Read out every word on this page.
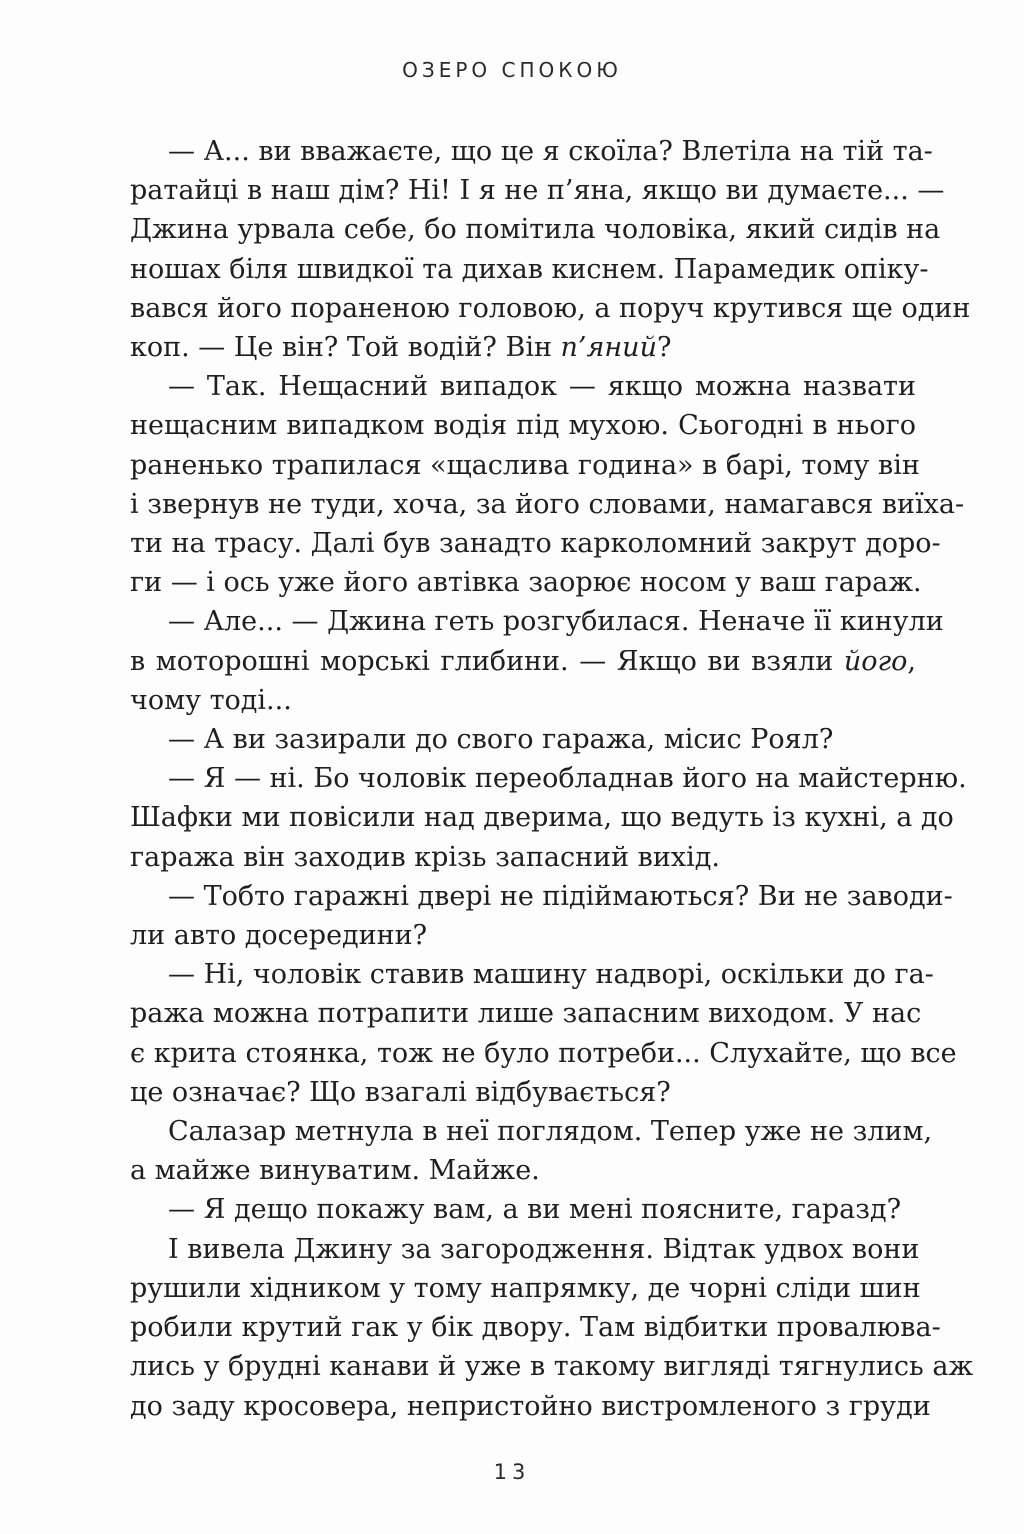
ОЗЕРО СПОКОЮ
— А... ви вважаєте, що це я скоїла? Влетіла на тій та-
ратайці в наш дім? Ні! І я не п’яна, якщо ви думаєте... —
Джина урвала себе, бо помітила чоловіка, який сидів на
ношах біля швидкої та дихав киснем. Парамедик опіку-
вався його пораненою головою, а поруч крутився ще один
коп. — Це він? Той водій? Він п’яний?
— Так. Нещасний випадок — якщо можна назвати
нещасним випадком водія під мухою. Сьогодні в нього
раненько трапилася «щаслива година» в барі, тому він
і звернув не туди, хоча, за його словами, намагався виїха-
ти на трасу. Далі був занадто карколомний закрут доро-
ги — і ось уже його автівка заорює носом у ваш гараж.
— Але... — Джина геть розгубилася. Неначе її кинули
в моторошні морські глибини. — Якщо ви взяли його,
чому тоді...
— А ви зазирали до свого гаража, місис Роял?
— Я — ні. Бо чоловік переобладнав його на майстерню.
Шафки ми повісили над дверима, що ведуть із кухні, а до
гаража він заходив крізь запасний вихід.
— Тобто гаражні двері не підіймаються? Ви не заводи-
ли авто досередини?
— Ні, чоловік ставив машину надворі, оскільки до га-
ража можна потрапити лише запасним виходом. У нас
є крита стоянка, тож не було потреби... Слухайте, що все
це означає? Що взагалі відбувається?
Салазар метнула в неї поглядом. Тепер уже не злим,
а майже винуватим. Майже.
— Я дещо покажу вам, а ви мені поясните, гаразд?
І вивела Джину за загородження. Відтак удвох вони
рушили хідником у тому напрямку, де чорні сліди шин
робили крутий гак у бік двору. Там відбитки провалюва-
лись у брудні канави й уже в такому вигляді тягнулись аж
до заду кросовера, непристойно вистромленого з груди
13
